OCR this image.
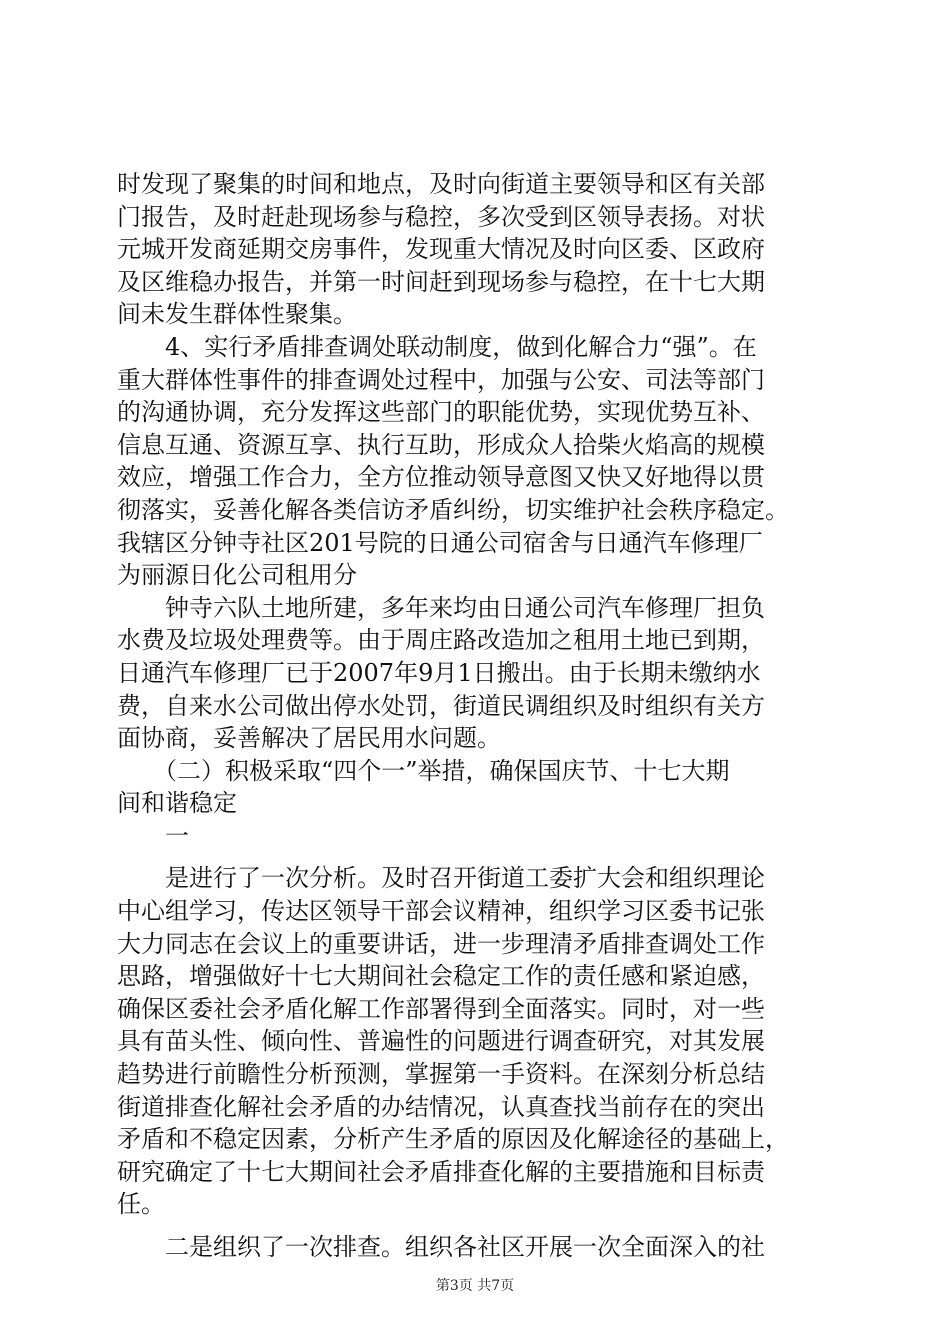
时发现了聚集的时间和地点，及时向街道主要领导和区有关部
门报告，及时赶赴现场参与稳控，多次受到区领导表扬。对状
元城开发商延期交房事件，发现重大情况及时向区委、区政府
及区维稳办报告，并第一时间赶到现场参与稳控，在十七大期
间未发生群体性聚集。
　　4、实行矛盾排查调处联动制度，做到化解合力“强”。在
重大群体性事件的排查调处过程中，加强与公安、司法等部门
的沟通协调，充分发挥这些部门的职能优势，实现优势互补、
信息互通、资源互享、执行互助，形成众人拾柴火焰高的规模
效应，增强工作合力，全方位推动领导意图又快又好地得以贯
彻落实，妥善化解各类信访矛盾纠纷，切实维护社会秩序稳定。
我辖区分钟寺社区201号院的日通公司宿舍与日通汽车修理厂
为丽源日化公司租用分
　　钟寺六队土地所建，多年来均由日通公司汽车修理厂担负
水费及垃圾处理费等。由于周庄路改造加之租用土地已到期，
日通汽车修理厂已于2007年9月1日搬出。由于长期未缴纳水
费，自来水公司做出停水处罚，街道民调组织及时组织有关方
面协商，妥善解决了居民用水问题。
　　（二）积极采取“四个一”举措，确保国庆节、十七大期
间和谐稳定
　　一
　　是进行了一次分析。及时召开街道工委扩大会和组织理论
中心组学习，传达区领导干部会议精神，组织学习区委书记张
大力同志在会议上的重要讲话，进一步理清矛盾排查调处工作
思路，增强做好十七大期间社会稳定工作的责任感和紧迫感，
确保区委社会矛盾化解工作部署得到全面落实。同时，对一些
具有苗头性、倾向性、普遍性的问题进行调查研究，对其发展
趋势进行前瞻性分析预测，掌握第一手资料。在深刻分析总结
街道排查化解社会矛盾的办结情况，认真查找当前存在的突出
矛盾和不稳定因素，分析产生矛盾的原因及化解途径的基础上，
研究确定了十七大期间社会矛盾排查化解的主要措施和目标责
任。
　　二是组织了一次排查。组织各社区开展一次全面深入的社
第3页 共7页
